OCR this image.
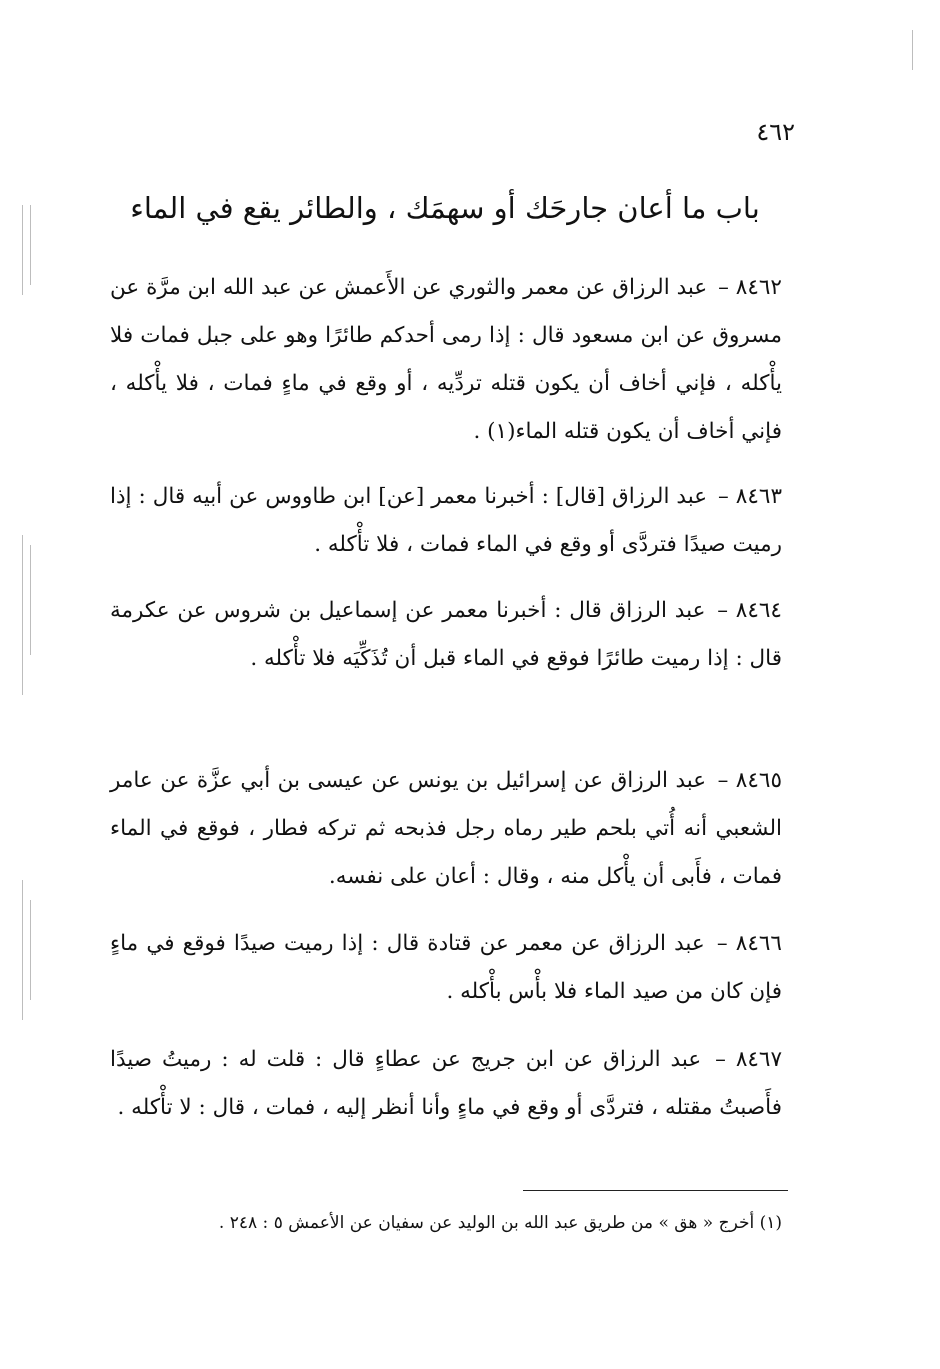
٤٦٢
باب ما أعان جارحَك أو سهمَك ، والطائر يقع في الماء

٨٤٦٢ – عبد الرزاق عن معمر والثوري عن الأَعمش عن عبد الله ابن مرَّة عن مسروق عن ابن مسعود قال : إذا رمى أحدكم طائرًا وهو على جبل فمات فلا يأْكله ، فإني أخاف أن يكون قتله تردِّيه ، أو وقع في ماءٍ فمات ، فلا يأْكله ، فإني أخاف أن يكون قتله الماء(١) .

٨٤٦٣ – عبد الرزاق [قال] : أخبرنا معمر [عن] ابن طاووس عن أبيه قال : إذا رميت صيدًا فتردَّى أو وقع في الماء فمات ، فلا تأْكله .

٨٤٦٤ – عبد الرزاق قال : أخبرنا معمر عن إسماعيل بن شروس عن عكرمة قال : إذا رميت طائرًا فوقع في الماء قبل أن تُذَكِّيَه فلا تأْكله .

٨٤٦٥ – عبد الرزاق عن إسرائيل بن يونس عن عيسى بن أبي عزَّة عن عامر الشعبي أنه أُتي بلحم طير رماه رجل فذبحه ثم تركه فطار ، فوقع في الماء فمات ، فأَبى أن يأْكل منه ، وقال : أعان على نفسه.

٨٤٦٦ – عبد الرزاق عن معمر عن قتادة قال : إذا رميت صيدًا فوقع في ماءٍ فإن كان من صيد الماء فلا بأْس بأْكله .

٨٤٦٧ – عبد الرزاق عن ابن جريج عن عطاءٍ قال : قلت له : رميتُ صيدًا فأَصبتُ مقتله ، فتردَّى أو وقع في ماءٍ وأنا أنظر إليه ، فمات ، قال : لا تأْكله .

(١) أخرج « هق » من طريق عبد الله بن الوليد عن سفيان عن الأعمش ٥ : ٢٤٨ .
